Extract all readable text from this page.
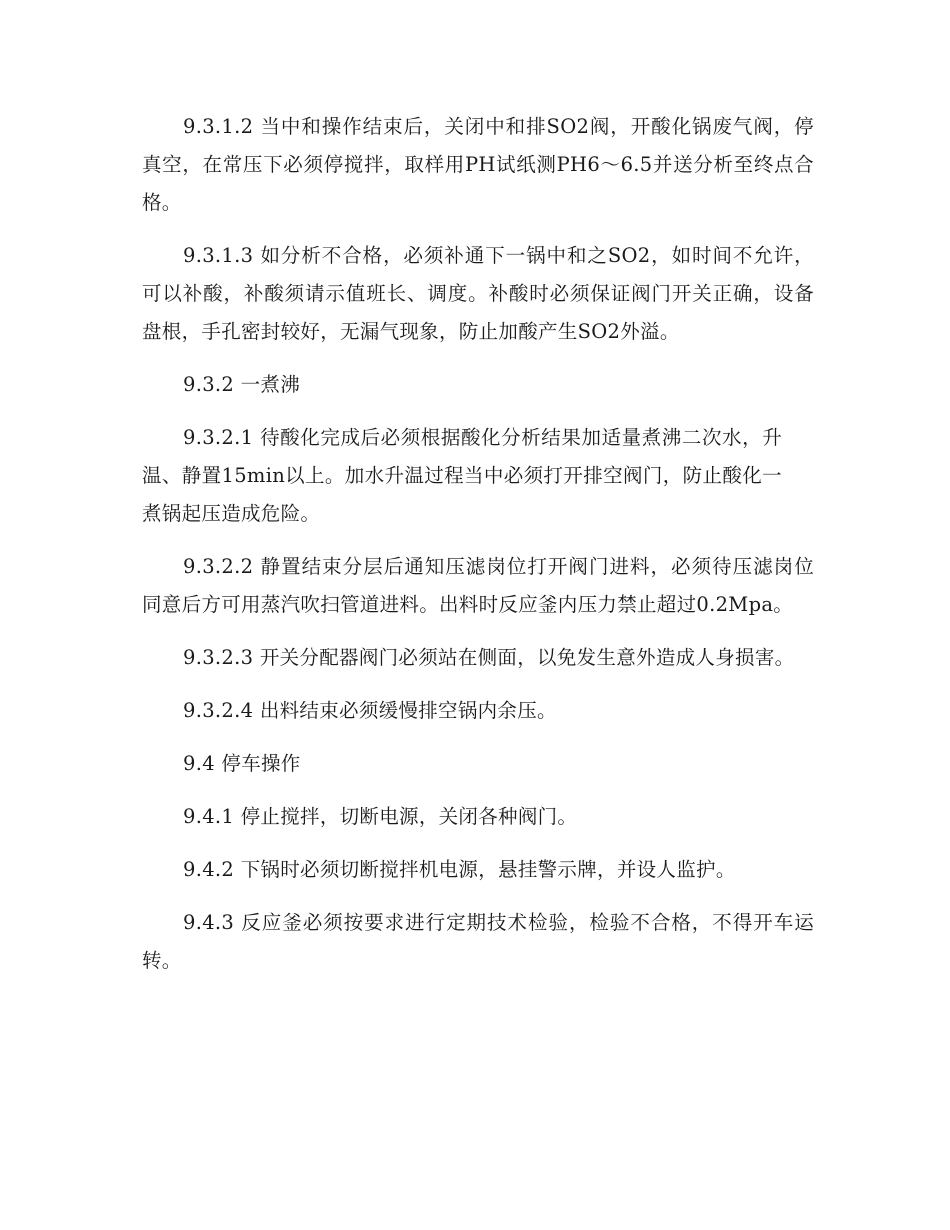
9.3.1.2 当中和操作结束后，关闭中和排SO2阀，开酸化锅废气阀，停真空，在常压下必须停搅拌，取样用PH试纸测PH6～6.5并送分析至终点合格。

9.3.1.3 如分析不合格，必须补通下一锅中和之SO2，如时间不允许，可以补酸，补酸须请示值班长、调度。补酸时必须保证阀门开关正确，设备盘根，手孔密封较好，无漏气现象，防止加酸产生SO2外溢。

9.3.2 一煮沸

9.3.2.1 待酸化完成后必须根据酸化分析结果加适量煮沸二次水，升温、静置15min以上。加水升温过程当中必须打开排空阀门，防止酸化一煮锅起压造成危险。

9.3.2.2 静置结束分层后通知压滤岗位打开阀门进料，必须待压滤岗位同意后方可用蒸汽吹扫管道进料。出料时反应釜内压力禁止超过0.2Mpa。

9.3.2.3 开关分配器阀门必须站在侧面，以免发生意外造成人身损害。

9.3.2.4 出料结束必须缓慢排空锅内余压。

9.4 停车操作

9.4.1 停止搅拌，切断电源，关闭各种阀门。

9.4.2 下锅时必须切断搅拌机电源，悬挂警示牌，并设人监护。

9.4.3 反应釜必须按要求进行定期技术检验，检验不合格，不得开车运转。
